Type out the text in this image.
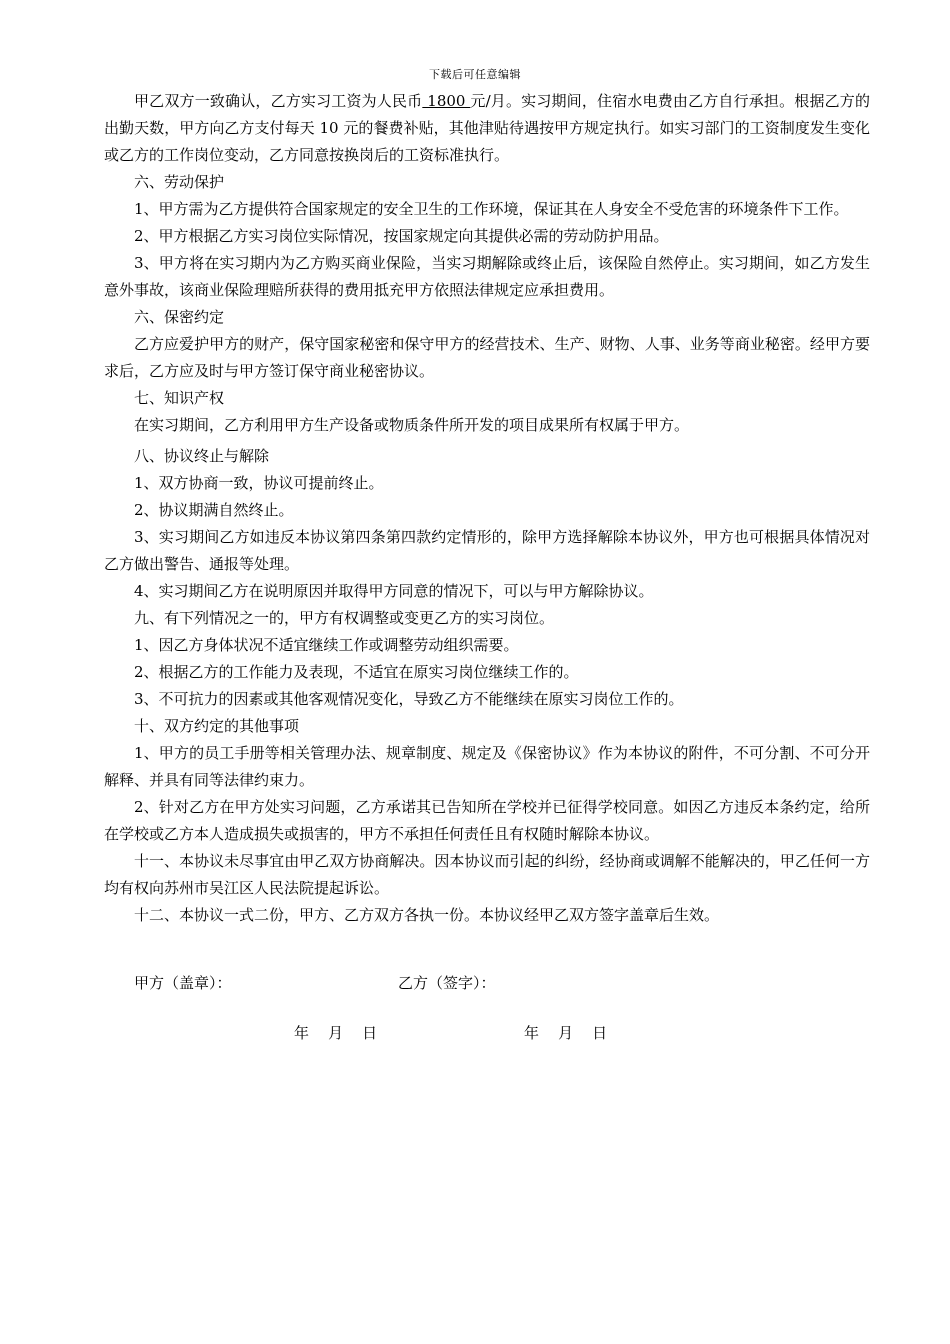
下载后可任意编辑

甲乙双方一致确认，乙方实习工资为人民币 1800 元/月。实习期间，住宿水电费由乙方自行承担。根据乙方的出勤天数，甲方向乙方支付每天 10 元的餐费补贴，其他津贴待遇按甲方规定执行。如实习部门的工资制度发生变化或乙方的工作岗位变动，乙方同意按换岗后的工资标准执行。

六、劳动保护

1、甲方需为乙方提供符合国家规定的安全卫生的工作环境，保证其在人身安全不受危害的环境条件下工作。

2、甲方根据乙方实习岗位实际情况，按国家规定向其提供必需的劳动防护用品。

3、甲方将在实习期内为乙方购买商业保险，当实习期解除或终止后，该保险自然停止。实习期间，如乙方发生意外事故，该商业保险理赔所获得的费用抵充甲方依照法律规定应承担费用。

六、保密约定

乙方应爱护甲方的财产，保守国家秘密和保守甲方的经营技术、生产、财物、人事、业务等商业秘密。经甲方要求后，乙方应及时与甲方签订保守商业秘密协议。

七、知识产权

在实习期间，乙方利用甲方生产设备或物质条件所开发的项目成果所有权属于甲方。

八、协议终止与解除

1、双方协商一致，协议可提前终止。

2、协议期满自然终止。

3、实习期间乙方如违反本协议第四条第四款约定情形的，除甲方选择解除本协议外，甲方也可根据具体情况对乙方做出警告、通报等处理。

4、实习期间乙方在说明原因并取得甲方同意的情况下，可以与甲方解除协议。

九、有下列情况之一的，甲方有权调整或变更乙方的实习岗位。

1、因乙方身体状况不适宜继续工作或调整劳动组织需要。

2、根据乙方的工作能力及表现，不适宜在原实习岗位继续工作的。

3、不可抗力的因素或其他客观情况变化，导致乙方不能继续在原实习岗位工作的。

十、双方约定的其他事项

1、甲方的员工手册等相关管理办法、规章制度、规定及《保密协议》作为本协议的附件，不可分割、不可分开解释、并具有同等法律约束力。

2、针对乙方在甲方处实习问题，乙方承诺其已告知所在学校并已征得学校同意。如因乙方违反本条约定，给所在学校或乙方本人造成损失或损害的，甲方不承担任何责任且有权随时解除本协议。

十一、本协议未尽事宜由甲乙双方协商解决。因本协议而引起的纠纷，经协商或调解不能解决的，甲乙任何一方均有权向苏州市吴江区人民法院提起诉讼。

十二、本协议一式二份，甲方、乙方双方各执一份。本协议经甲乙双方签字盖章后生效。

甲方（盖章）：	乙方（签字）：
年    月    日	年    月    日
